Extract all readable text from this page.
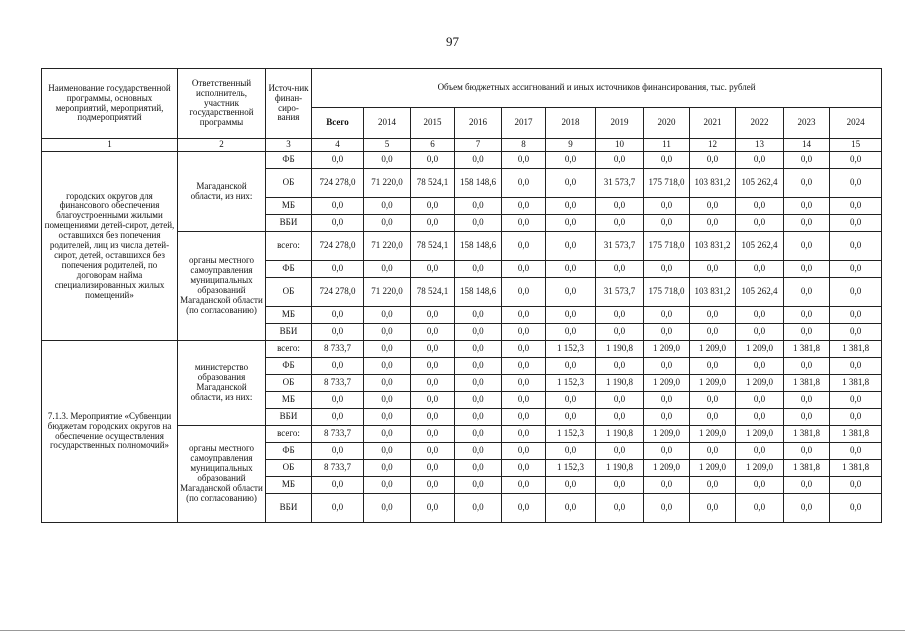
97
Наименование государственной программы, основных мероприятий, мероприятий, подмероприятий	Ответственный исполнитель, участник государственной программы	Источ-ник финан-сиро-вания	Объем бюджетных ассигнований и иных источников финансирования, тыс. рублей											
			Всего	2014	2015	2016	2017	2018	2019	2020	2021	2022	2023	2024
1	2	3	4	5	6	7	8	9	10	11	12	13	14	15
городских округов для финансового обеспечения благоустроенными жилыми помещениями детей-сирот, детей, оставшихся без попечения родителей, лиц из числа детей-сирот, детей, оставшихся без попечения родителей, по договорам найма специализированных жилых помещений»	Магаданской области, из них:	ФБ	0,0	0,0	0,0	0,0	0,0	0,0	0,0	0,0	0,0	0,0	0,0	0,0
		ОБ	724 278,0	71 220,0	78 524,1	158 148,6	0,0	0,0	31 573,7	175 718,0	103 831,2	105 262,4	0,0	0,0
		МБ	0,0	0,0	0,0	0,0	0,0	0,0	0,0	0,0	0,0	0,0	0,0	0,0
		ВБИ	0,0	0,0	0,0	0,0	0,0	0,0	0,0	0,0	0,0	0,0	0,0	0,0
	органы местного самоуправления муниципальных образований Магаданской области (по согласованию)	всего:	724 278,0	71 220,0	78 524,1	158 148,6	0,0	0,0	31 573,7	175 718,0	103 831,2	105 262,4	0,0	0,0
		ФБ	0,0	0,0	0,0	0,0	0,0	0,0	0,0	0,0	0,0	0,0	0,0	0,0
		ОБ	724 278,0	71 220,0	78 524,1	158 148,6	0,0	0,0	31 573,7	175 718,0	103 831,2	105 262,4	0,0	0,0
		МБ	0,0	0,0	0,0	0,0	0,0	0,0	0,0	0,0	0,0	0,0	0,0	0,0
		ВБИ	0,0	0,0	0,0	0,0	0,0	0,0	0,0	0,0	0,0	0,0	0,0	0,0
7.1.3. Мероприятие «Субвенции бюджетам городских округов на обеспечение осуществления государственных полномочий»	министерство образования Магаданской области, из них:	всего:	8 733,7	0,0	0,0	0,0	0,0	1 152,3	1 190,8	1 209,0	1 209,0	1 209,0	1 381,8	1 381,8
		ФБ	0,0	0,0	0,0	0,0	0,0	0,0	0,0	0,0	0,0	0,0	0,0	0,0
		ОБ	8 733,7	0,0	0,0	0,0	0,0	1 152,3	1 190,8	1 209,0	1 209,0	1 209,0	1 381,8	1 381,8
		МБ	0,0	0,0	0,0	0,0	0,0	0,0	0,0	0,0	0,0	0,0	0,0	0,0
		ВБИ	0,0	0,0	0,0	0,0	0,0	0,0	0,0	0,0	0,0	0,0	0,0	0,0
	органы местного самоуправления муниципальных образований Магаданской области (по согласованию)	всего:	8 733,7	0,0	0,0	0,0	0,0	1 152,3	1 190,8	1 209,0	1 209,0	1 209,0	1 381,8	1 381,8
		ФБ	0,0	0,0	0,0	0,0	0,0	0,0	0,0	0,0	0,0	0,0	0,0	0,0
		ОБ	8 733,7	0,0	0,0	0,0	0,0	1 152,3	1 190,8	1 209,0	1 209,0	1 209,0	1 381,8	1 381,8
		МБ	0,0	0,0	0,0	0,0	0,0	0,0	0,0	0,0	0,0	0,0	0,0	0,0
		ВБИ	0,0	0,0	0,0	0,0	0,0	0,0	0,0	0,0	0,0	0,0	0,0	0,0
